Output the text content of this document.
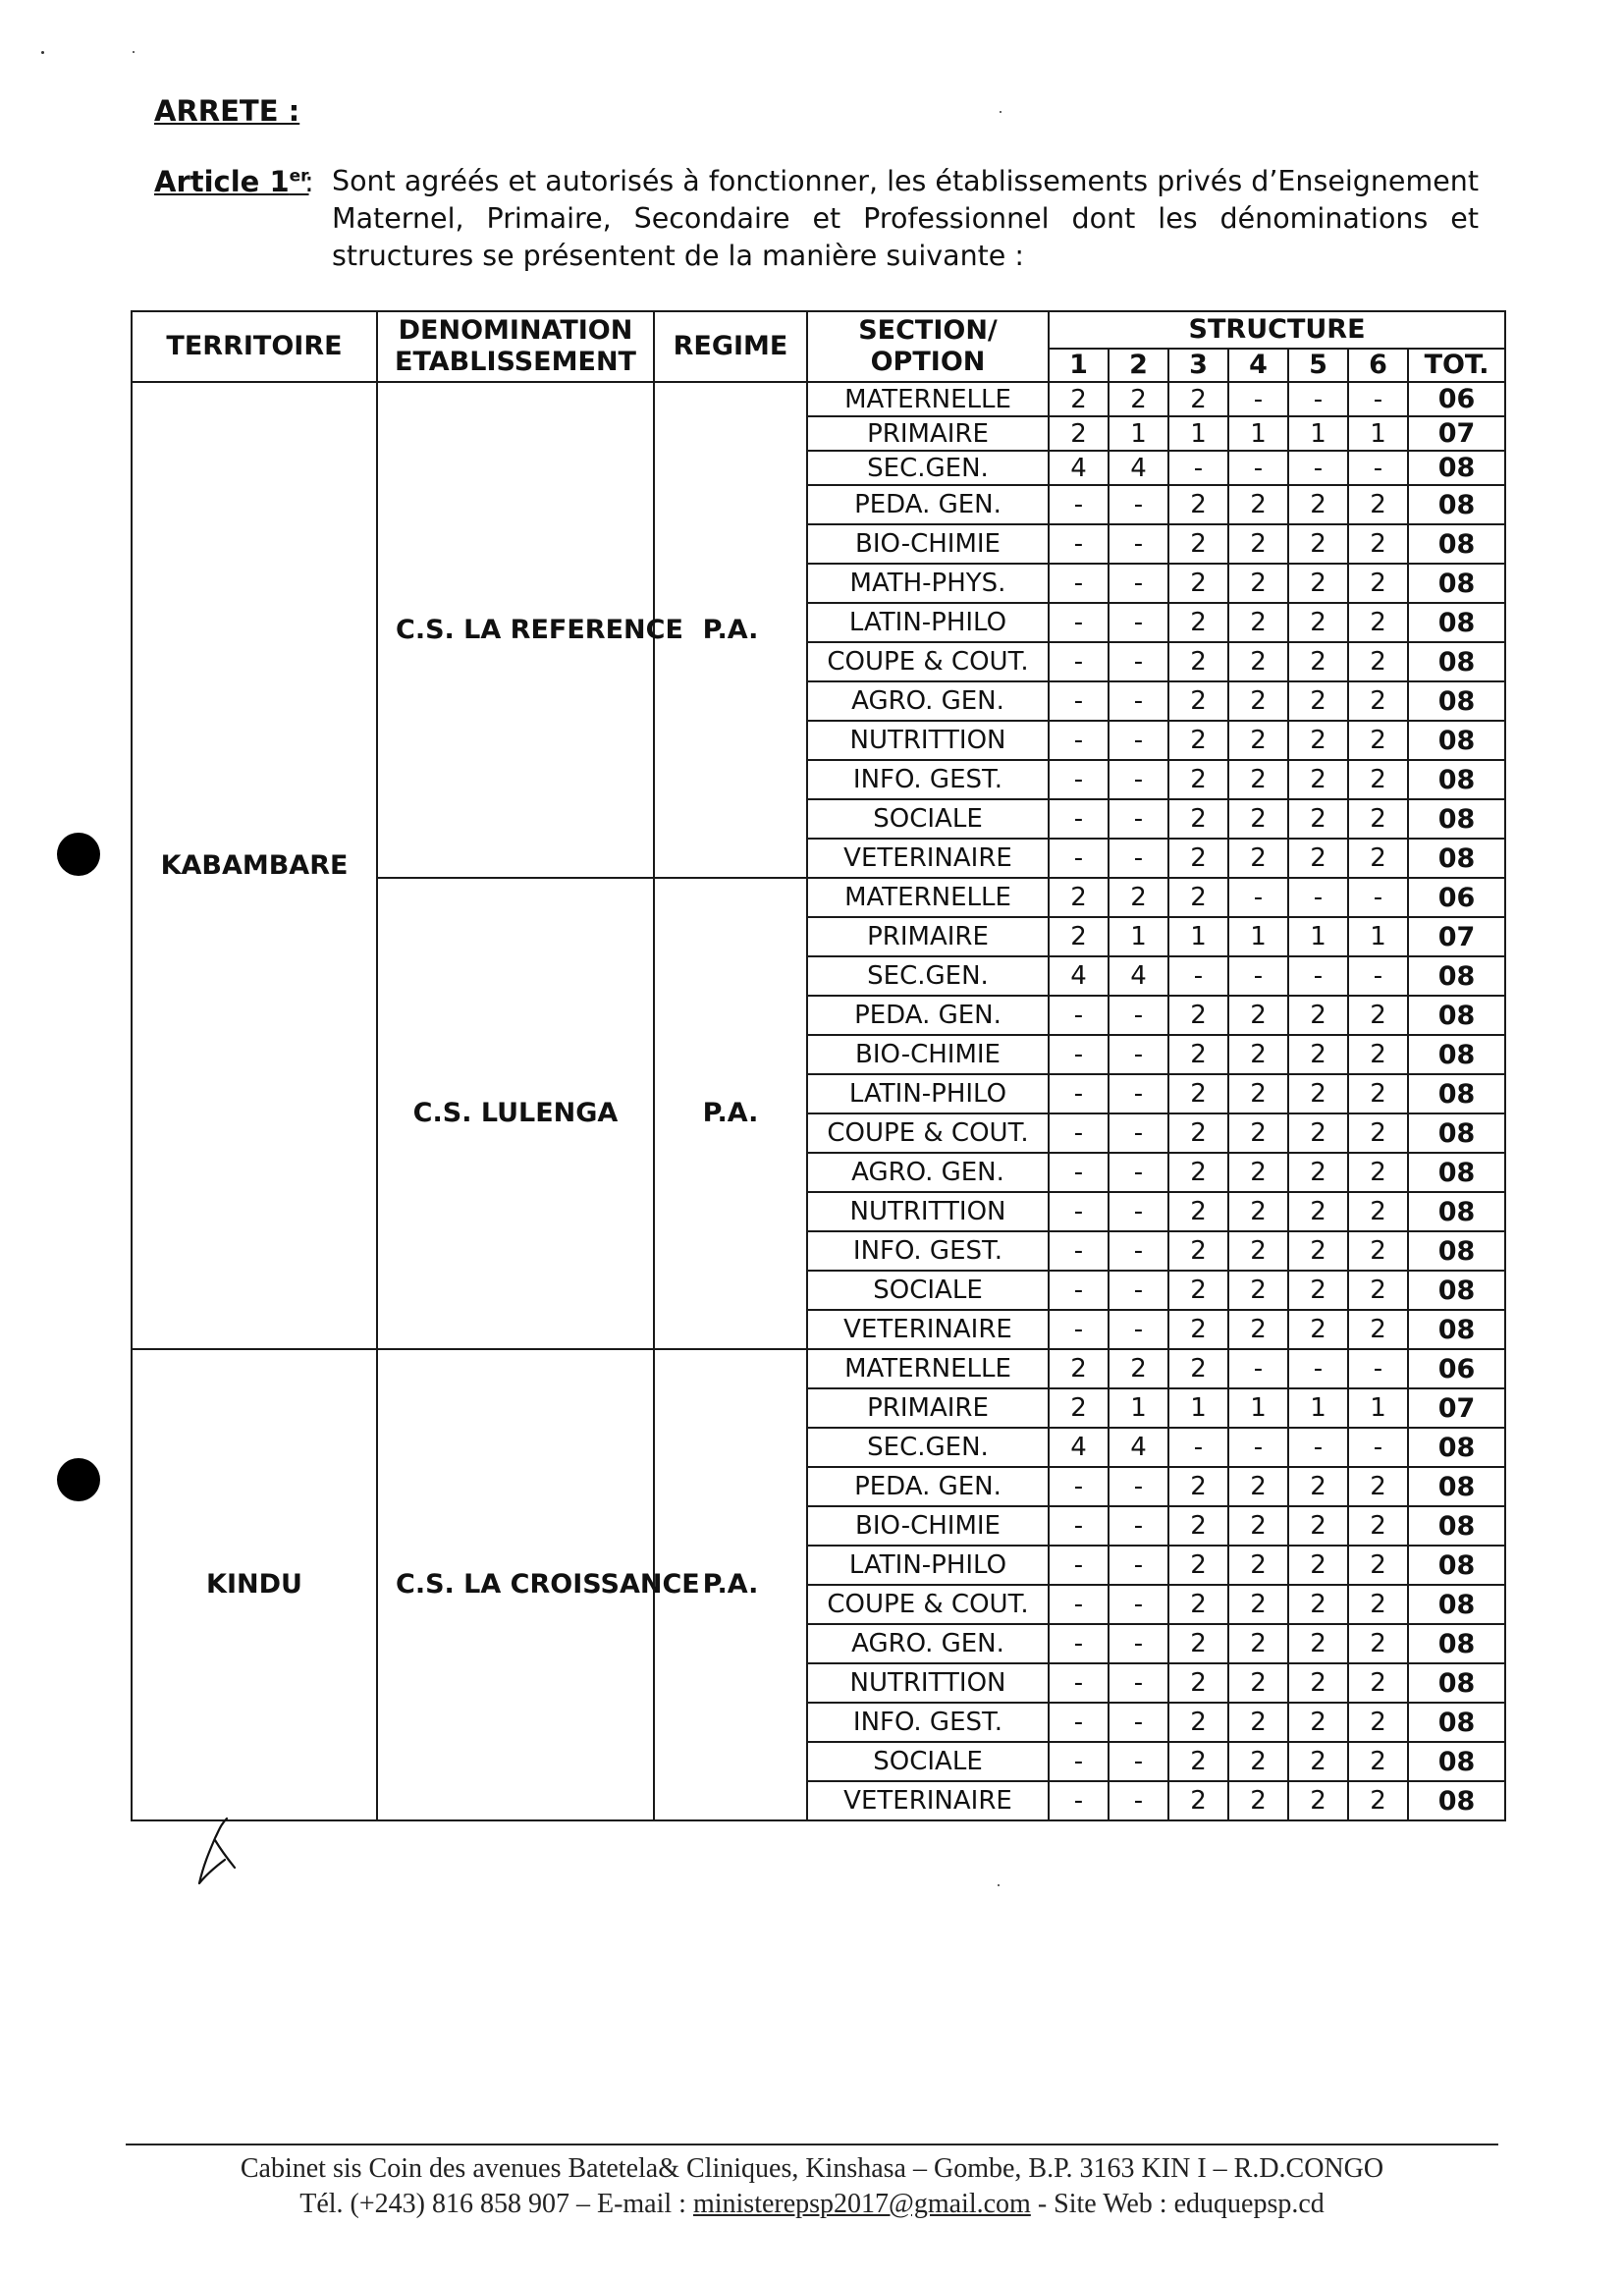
ARRETE :
Article 1er
: Sont agréés et autorisés à fonctionner, les établissements privés d’Enseignement Maternel, Primaire, Secondaire et Professionnel dont les dénominations et structures se présentent de la manière suivante :
TERRITOIRE	DENOMINATION ETABLISSEMENT	REGIME	SECTION/ OPTION	STRUCTURE						
				1	2	3	4	5	6	TOT.
KABAMBARE	C.S. LA REFERENCE	P.A.	MATERNELLE	2	2	2	-	-	-	06
			PRIMAIRE	2	1	1	1	1	1	07
			SEC.GEN.	4	4	-	-	-	-	08
			PEDA. GEN.	-	-	2	2	2	2	08
			BIO-CHIMIE	-	-	2	2	2	2	08
			MATH-PHYS.	-	-	2	2	2	2	08
			LATIN-PHILO	-	-	2	2	2	2	08
			COUPE & COUT.	-	-	2	2	2	2	08
			AGRO. GEN.	-	-	2	2	2	2	08
			NUTRITTION	-	-	2	2	2	2	08
			INFO. GEST.	-	-	2	2	2	2	08
			SOCIALE	-	-	2	2	2	2	08
			VETERINAIRE	-	-	2	2	2	2	08
	C.S. LULENGA	P.A.	MATERNELLE	2	2	2	-	-	-	06
			PRIMAIRE	2	1	1	1	1	1	07
			SEC.GEN.	4	4	-	-	-	-	08
			PEDA. GEN.	-	-	2	2	2	2	08
			BIO-CHIMIE	-	-	2	2	2	2	08
			LATIN-PHILO	-	-	2	2	2	2	08
			COUPE & COUT.	-	-	2	2	2	2	08
			AGRO. GEN.	-	-	2	2	2	2	08
			NUTRITTION	-	-	2	2	2	2	08
			INFO. GEST.	-	-	2	2	2	2	08
			SOCIALE	-	-	2	2	2	2	08
			VETERINAIRE	-	-	2	2	2	2	08
KINDU	C.S. LA CROISSANCE	P.A.	MATERNELLE	2	2	2	-	-	-	06
			PRIMAIRE	2	1	1	1	1	1	07
			SEC.GEN.	4	4	-	-	-	-	08
			PEDA. GEN.	-	-	2	2	2	2	08
			BIO-CHIMIE	-	-	2	2	2	2	08
			LATIN-PHILO	-	-	2	2	2	2	08
			COUPE & COUT.	-	-	2	2	2	2	08
			AGRO. GEN.	-	-	2	2	2	2	08
			NUTRITTION	-	-	2	2	2	2	08
			INFO. GEST.	-	-	2	2	2	2	08
			SOCIALE	-	-	2	2	2	2	08
			VETERINAIRE	-	-	2	2	2	2	08
Cabinet sis Coin des avenues Batetela& Cliniques, Kinshasa – Gombe, B.P. 3163 KIN I – R.D.CONGO
Tél. (+243) 816 858 907 – E-mail : ministerepsp2017@gmail.com - Site Web : eduquepsp.cd
